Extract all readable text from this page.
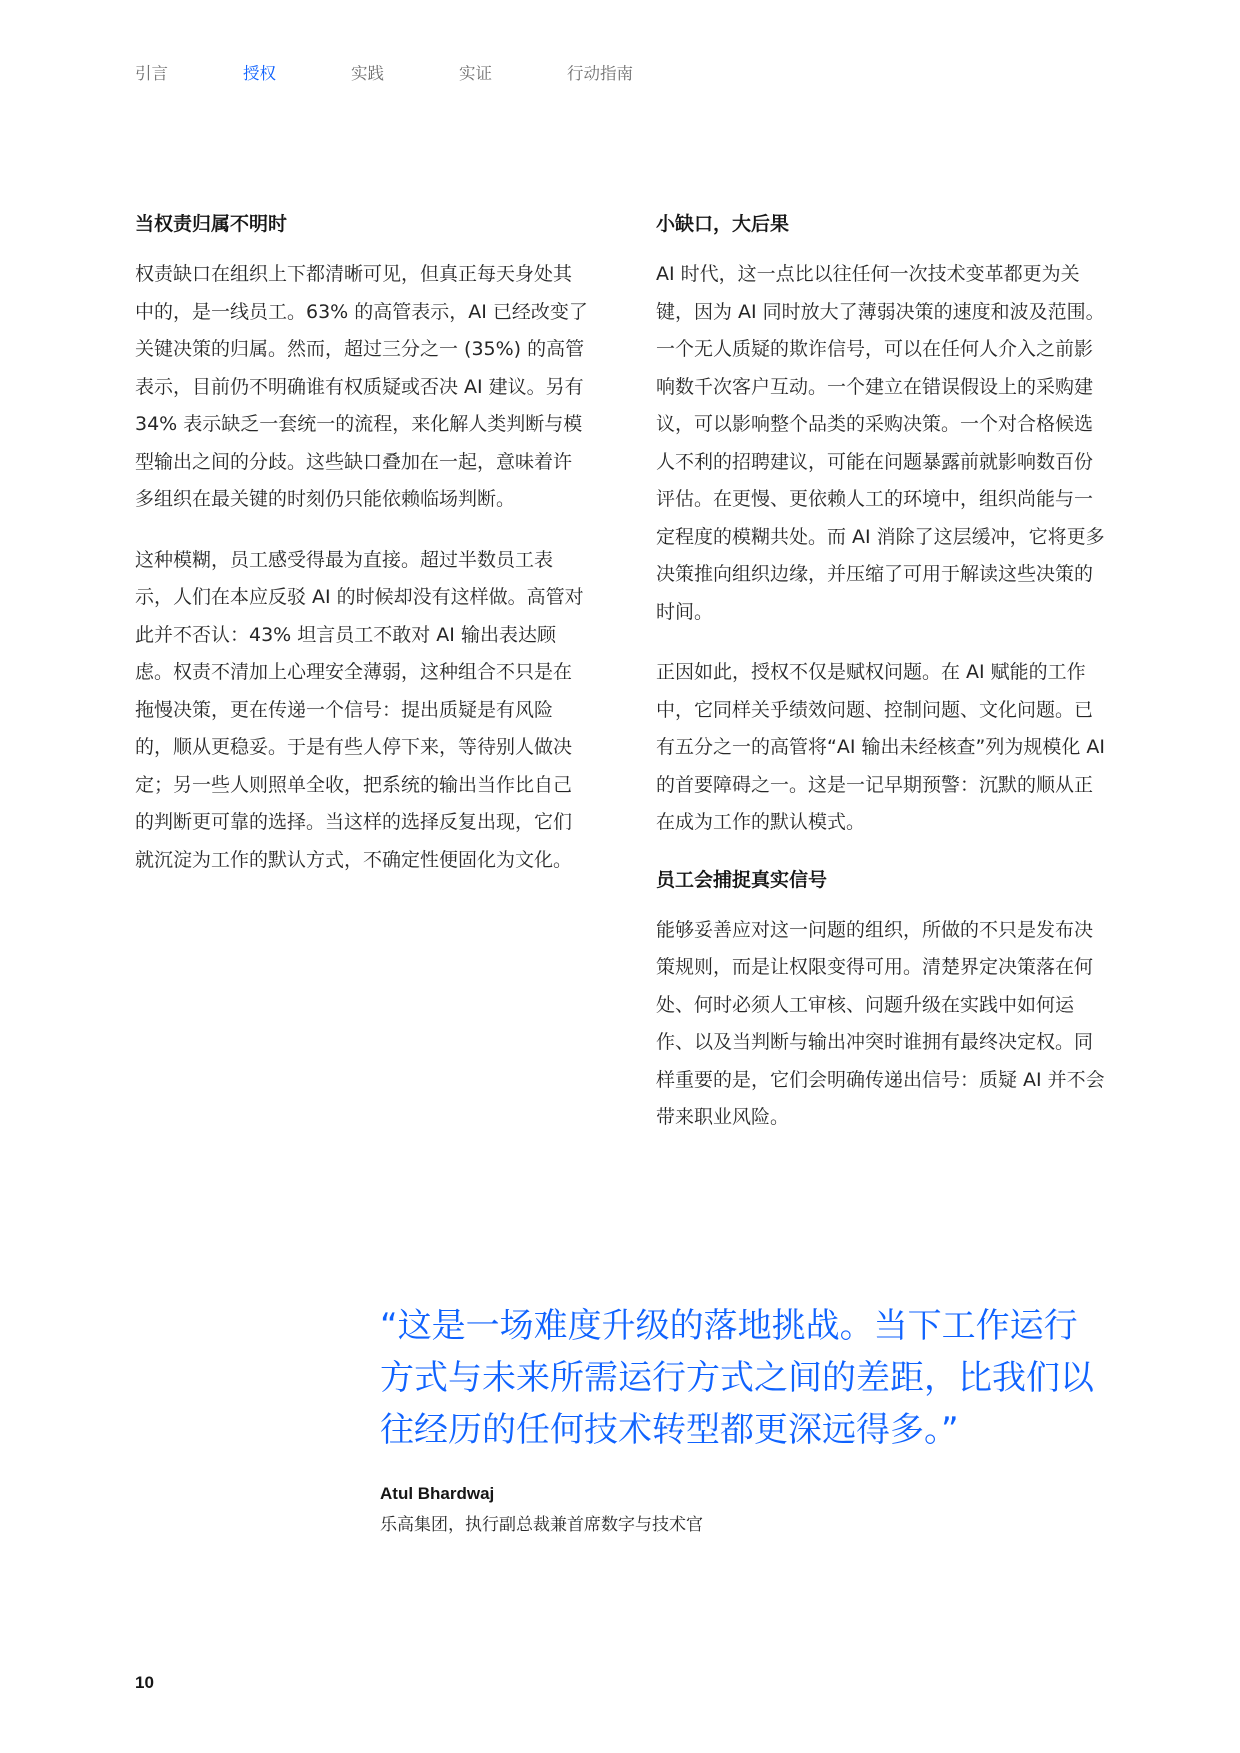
引言	授权	实践	实证	行动指南
当权责归属不明时

权责缺口在组织上下都清晰可见，但真正每天身处其中的，是一线员工。63% 的高管表示，AI 已经改变了关键决策的归属。然而，超过三分之一 (35%) 的高管表示，目前仍不明确谁有权质疑或否决 AI 建议。另有 34% 表示缺乏一套统一的流程，来化解人类判断与模型输出之间的分歧。这些缺口叠加在一起，意味着许多组织在最关键的时刻仍只能依赖临场判断。

这种模糊，员工感受得最为直接。超过半数员工表示，人们在本应反驳 AI 的时候却没有这样做。高管对此并不否认：43% 坦言员工不敢对 AI 输出表达顾虑。权责不清加上心理安全薄弱，这种组合不只是在拖慢决策，更在传递一个信号：提出质疑是有风险的，顺从更稳妥。于是有些人停下来，等待别人做决定；另一些人则照单全收，把系统的输出当作比自己的判断更可靠的选择。当这样的选择反复出现，它们就沉淀为工作的默认方式，不确定性便固化为文化。

小缺口，大后果

AI 时代，这一点比以往任何一次技术变革都更为关键，因为 AI 同时放大了薄弱决策的速度和波及范围。一个无人质疑的欺诈信号，可以在任何人介入之前影响数千次客户互动。一个建立在错误假设上的采购建议，可以影响整个品类的采购决策。一个对合格候选人不利的招聘建议，可能在问题暴露前就影响数百份评估。在更慢、更依赖人工的环境中，组织尚能与一定程度的模糊共处。而 AI 消除了这层缓冲，它将更多决策推向组织边缘，并压缩了可用于解读这些决策的时间。

正因如此，授权不仅是赋权问题。在 AI 赋能的工作中，它同样关乎绩效问题、控制问题、文化问题。已有五分之一的高管将“AI 输出未经核查”列为规模化 AI 的首要障碍之一。这是一记早期预警：沉默的顺从正在成为工作的默认模式。

员工会捕捉真实信号

能够妥善应对这一问题的组织，所做的不只是发布决策规则，而是让权限变得可用。清楚界定决策落在何处、何时必须人工审核、问题升级在实践中如何运作、以及当判断与输出冲突时谁拥有最终决定权。同样重要的是，它们会明确传递出信号：质疑 AI 并不会带来职业风险。

“这是一场难度升级的落地挑战。当下工作运行方式与未来所需运行方式之间的差距，比我们以往经历的任何技术转型都更深远得多。”

Atul Bhardwaj
乐高集团，执行副总裁兼首席数字与技术官
10
